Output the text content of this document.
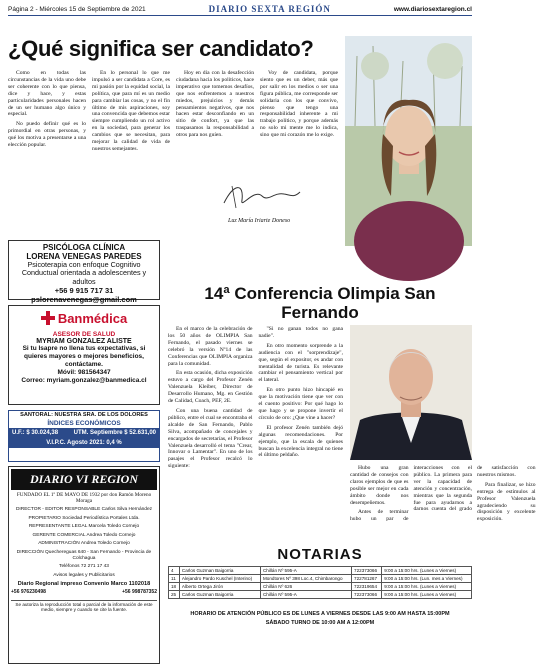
Página 2 - Miércoles 15 de Septiembre de 2021	DIARIO SEXTA REGIÓN	www.diariosextaregion.cl
¿Qué significa ser candidato?

Como en todas las circunstancias de la vida uno debe ser coherente con lo que piensa, dice y hace, y estas particularidades personales hacen de un ser humano algo único y especial.

No puedo definir qué es lo primordial en otras personas, y qué los motiva a presentarse a una elección popular.

En lo personal lo que me impulsó a ser candidata a Core, es mi pasión por la equidad social, la política, que para mí es un medio para cambiar las cosas, y no el fin último de mis aspiraciones, soy una convencida que debemos estar siempre cumpliendo un rol activo en la sociedad, para generar los cambios que se necesitan, para mejorar la calidad de vida de nuestros semejantes.

Hoy en día con la desafección ciudadana hacia los políticos, hace imperativo que tomemos desafíos, que nos enfrentemos a nuestros miedos, prejuicios y demás pensamientos negativos, que nos hacen estar desconfiando en un sitio de confort, ya que las traspasamos la responsabilidad a otros para nos guíen.

Voy de candidata, porque siento que es un deber, más que por salir en los medios o ser una figura pública, me corresponde ser solidaria con los que convivo, pienso que tengo una responsabilidad inherente a mi trabajo político, y porque además no solo mi mente me lo indica, sino que mi corazón me lo exige.

Luz María Iriarte Doneso
PSICÓLOGA CLÍNICA
LORENA VENEGAS PAREDES
Psicoterapia con enfoque Cognitivo Conductual orientada a adolescentes y adultos
+56 9 915 717 31
pslorenavenegas@gmail.com
Banmédica
ASESOR DE SALUD
MYRIAM GONZALEZ ALISTE
Si tu Isapre no llena tus expectativas, si quieres mayores o mejores beneficios, contáctame.
Móvil: 981564347
Correo: myriam.gonzalez@banmedica.cl
SANTORAL: NUESTRA SRA. DE LOS DOLORES
ÍNDICES ECONÓMICOS
U.F.: $ 30.024,38	UTM. Septiembre $ 52.631,00
V.I.P.C. Agosto 2021: 0,4 %
DIARIO VI REGION
FUNDADO EL 1º DE MAYO DE 1932 por don Ramón Moreno Moraga
DIRECTOR - EDITOR RESPONSABLE Carlos Silva Hernández
PROPIETARIO Sociedad Periodística Portales Ltda.
REPRESENTANTE LEGAL Marcela Toledo Cornejo
GERENTE COMERCIAL Andrea Toledo Cornejo
ADMINISTRACIÓN Andrea Toledo Cornejo
DIRECCIÓN Quechereguas 640 - San Fernando - Provincia de Colchagua
Teléfonos 72 271 17 43
Avisos legales y Publicitarios
Diario Regional impreso Convenio Marco 1102018
+56 976230498	+56 998787352
Se autoriza la reproducción total o parcial de la información de este medio, siempre y cuando se cite la fuente.
14ª Conferencia Olimpia San Fernando

En el marco de la celebración de los 50 años de OLIMPIA San Fernando, el pasado viernes se celebró la versión Nº14 de las Conferencias que OLIMPIA organiza para la comunidad.

En esta ocasión, dicha exposición estuvo a cargo del Profesor Zenén Valenzuela Kleiber, Director de Desarrollo Humano, Mg. en Gestión de Calidad, Coach, PEF, 2E.

Con una buena cantidad de público, entre el cual se encontraba el alcalde de San Fernando, Pablo Silva, acompañado de concejales y encargados de secretarías, el Profesor Valenzuela desarrolló el tema "Crear, Innovar o Lamentar". En uno de los pasajes el Profesor recalcó lo siguiente:

"Si no ganan todos no gana nadie".

En otro momento sorprende a la audiencia con el "sorprendizaje", que, según el expositor, es andar con mentalidad de turista. Es relevante cambiar el pensamiento vertical por el lateral.

En otro punto hizo hincapié en que la motivación tiene que ver con el cuento positivo: Por qué hago lo que hago y se propone invertir el círculo de oro: ¿Que vine a hacer?

El profesor Zenén también dejó algunas recomendaciones. Por ejemplo, que la escala de quienes buscan la excelencia integral no tiene el último peldaño.

Hubo una gran cantidad de consejos con claros ejemplos de que es posible ser mejor en cada ámbito donde nos desempeñemos.

Antes de terminar hubo un par de interacciones con el público. La primera para ver la capacidad de atención y concentración, mientras que la segunda fue para ayudarnos a darnos cuenta del grado de satisfacción con nuestros mismos.

Para finalizar, se hizo entrega de estímulos al Profesor Valenzuela agradeciendo su disposición y excelente exposición.

NOTARIAS
4	Carlos Guzman Baigorria	Chillán Nº 595-A	722373066	9:00 a 15:00 hrs. (Lunes a Viernes)
11	Alejandro Pardo Kuschel (Interino)	Mondtores Nº 398 Loc.4, Chimbarongo	722781267	9:00 a 15:00 hrs. (Lun. mes a Viernes)
18	Alberto Ortega Jirón	Chillán Nº 626	722319654	9:00 a 15:00 hrs. (Lunes a Viernes)
25	Carlos Guzman Baigorria	Chillán Nº 595-A	722373066	9:00 a 15:00 hrs. (Lunes a Viernes)
HORARIO DE ATENCIÓN PÚBLICO ES DE LUNES A VIERNES DESDE LAS 9:00 AM HASTA 15:00PM
SÁBADO TURNO DE 10:00 AM A 12:00PM
